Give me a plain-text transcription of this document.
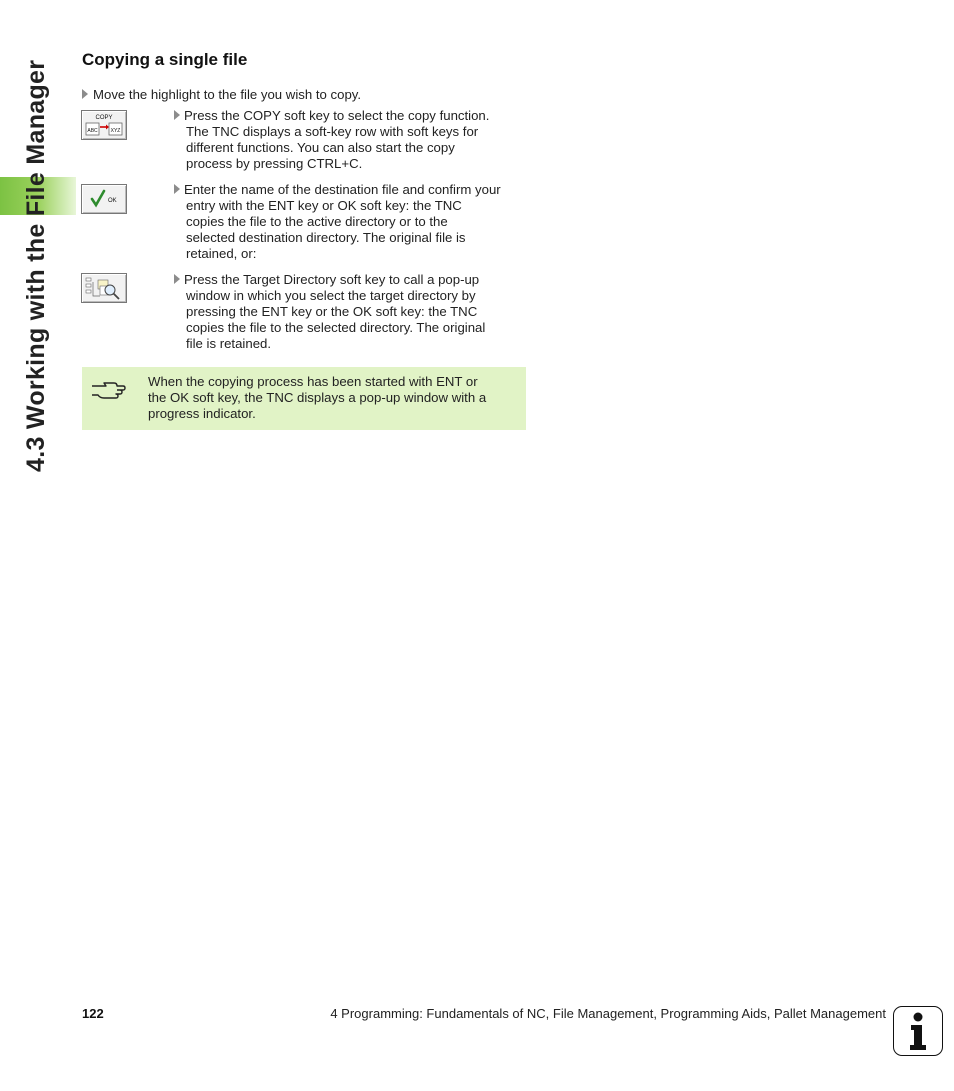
4.3 Working with the File Manager
Copying a single file
Move the highlight to the file you wish to copy.
COPY
ABC	XYZ
Press the COPY soft key to select the copy function.
The TNC displays a soft-key row with soft keys for
different functions. You can also start the copy
process by pressing CTRL+C.
OK
Enter the name of the destination file and confirm your
entry with the ENT key or OK soft key: the TNC
copies the file to the active directory or to the
selected destination directory. The original file is
retained, or:
Press the Target Directory soft key to call a pop-up
window in which you select the target directory by
pressing the ENT key or the OK soft key: the TNC
copies the file to the selected directory. The original
file is retained.
When the copying process has been started with ENT or
the OK soft key, the TNC displays a pop-up window with a
progress indicator.
122	4 Programming: Fundamentals of NC, File Management, Programming Aids, Pallet Management
